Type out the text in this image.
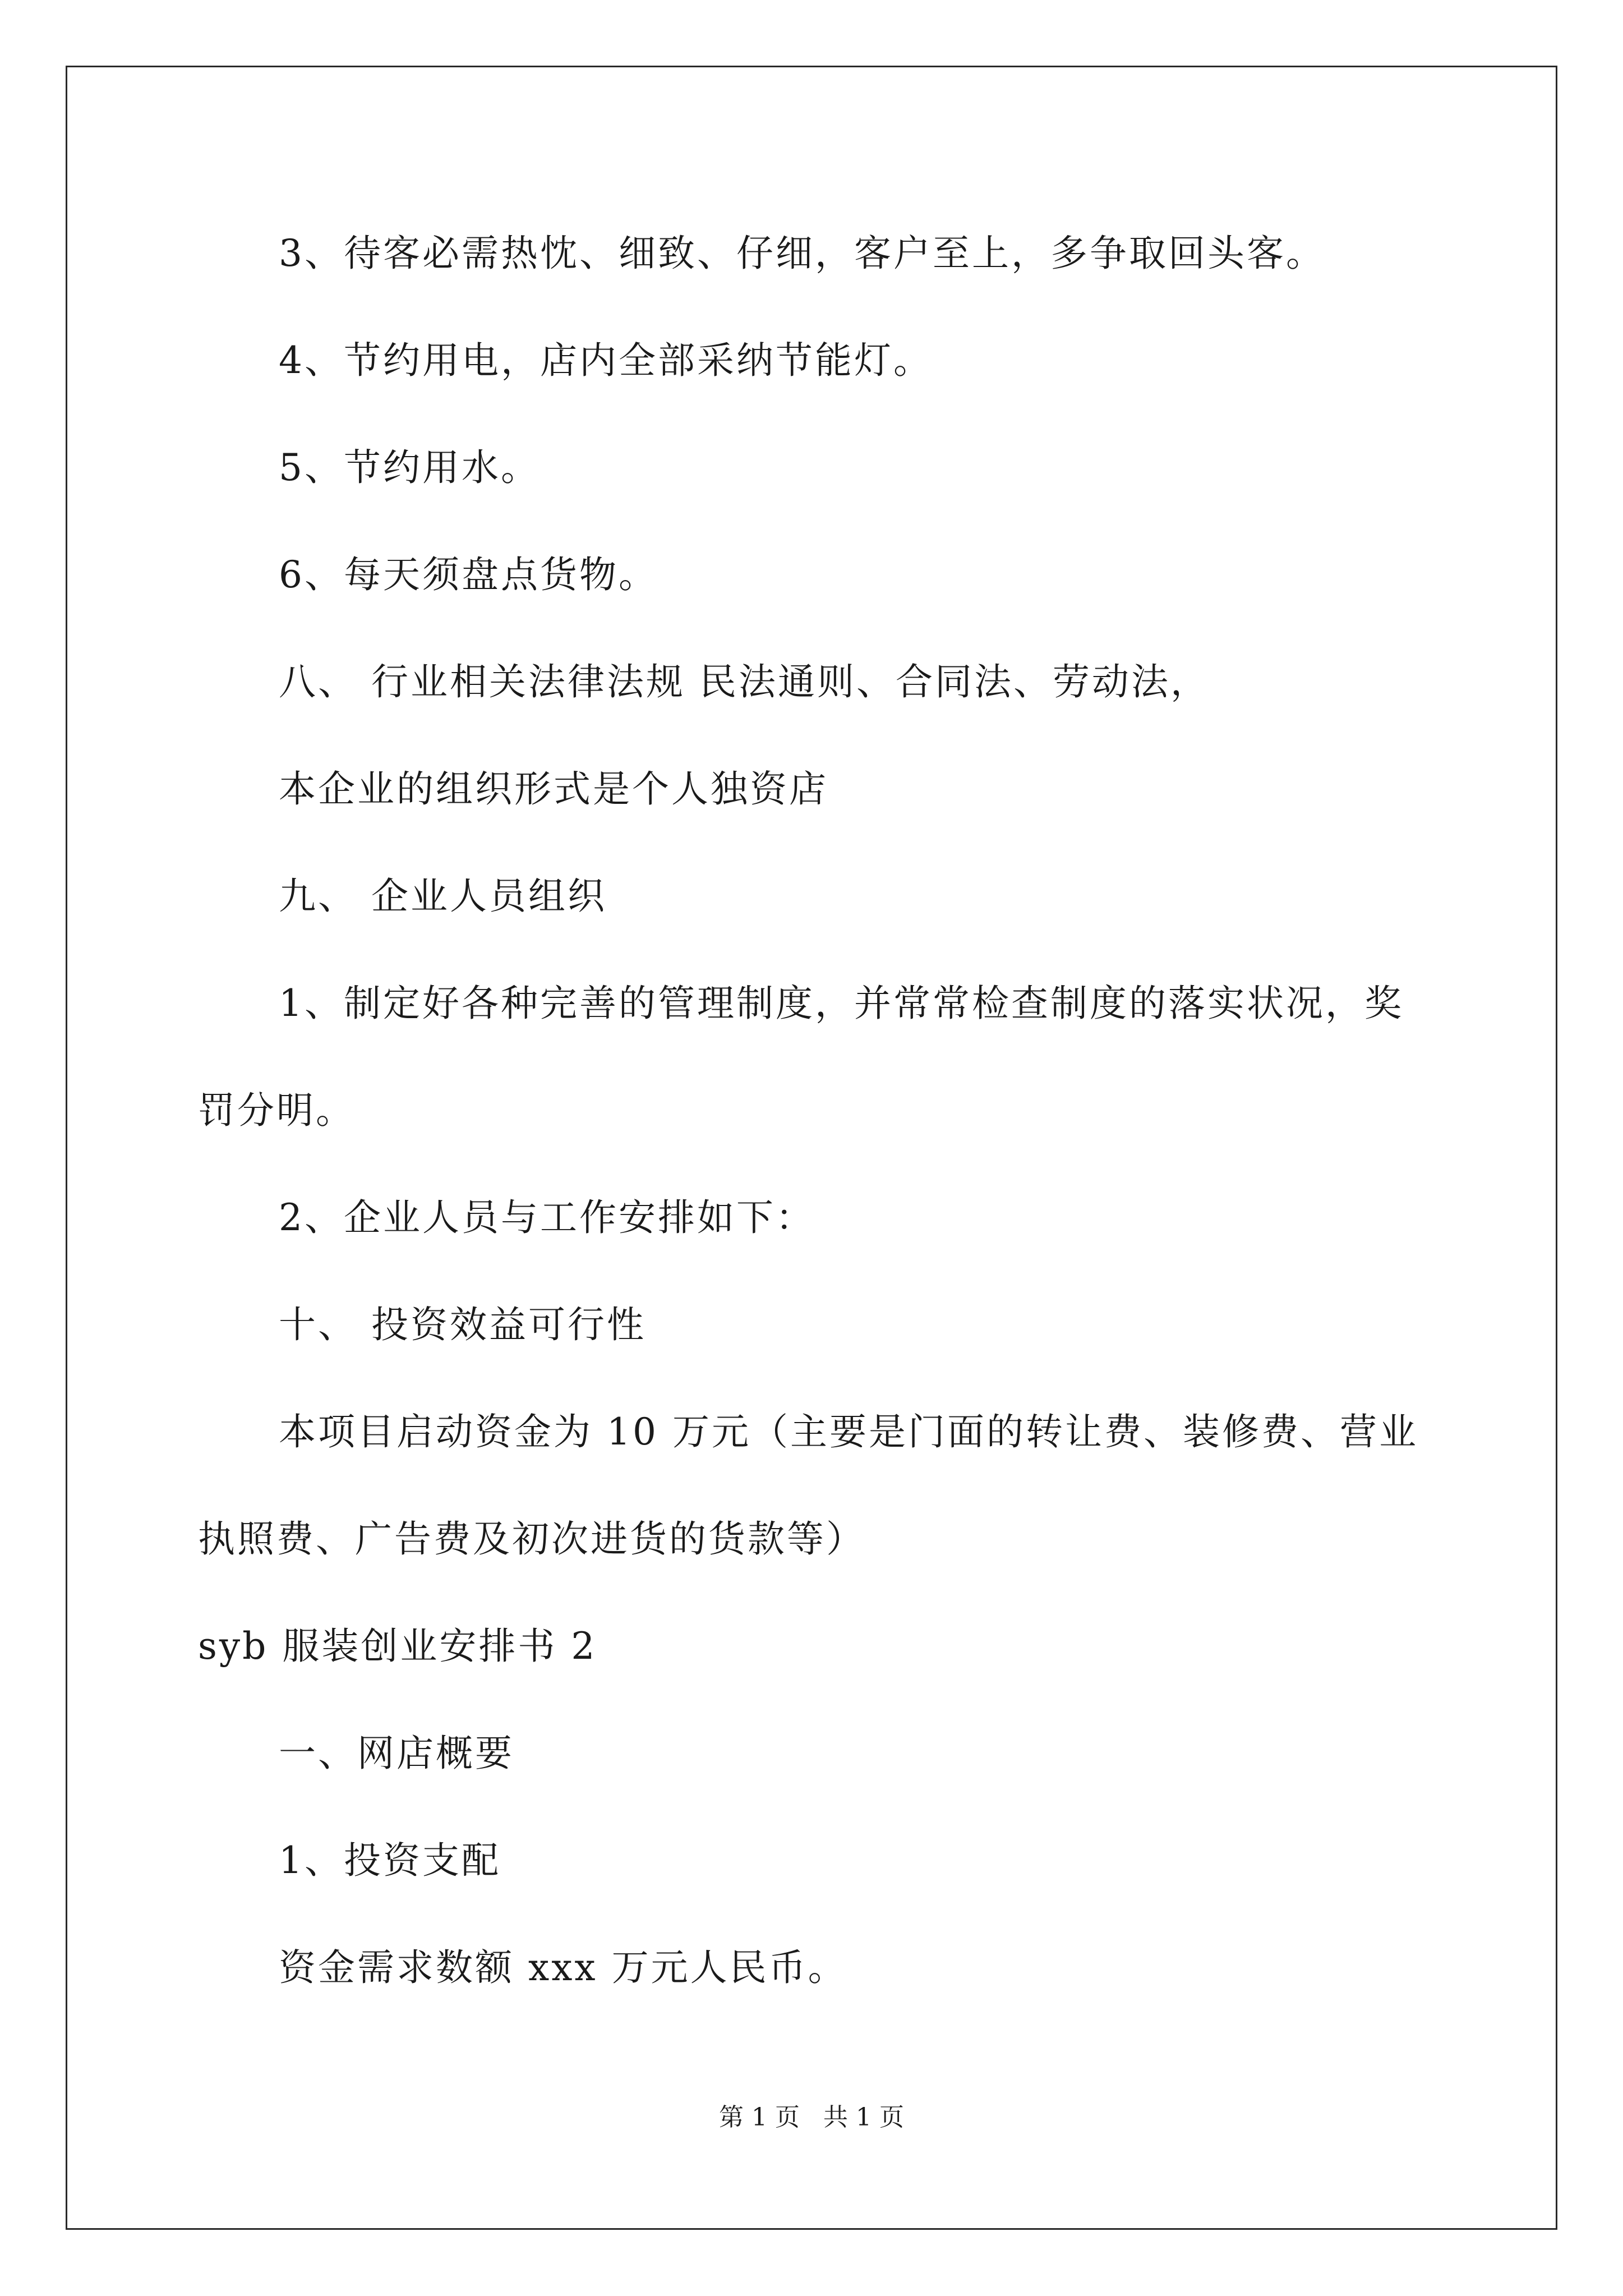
3、待客必需热忱、细致、仔细，客户至上，多争取回头客。
4、节约用电，店内全部采纳节能灯。
5、节约用水。
6、每天须盘点货物。
八、 行业相关法律法规 民法通则、合同法、劳动法，
本企业的组织形式是个人独资店
九、 企业人员组织
1、制定好各种完善的管理制度，并常常检查制度的落实状况，奖
罚分明。
2、企业人员与工作安排如下：
十、 投资效益可行性
本项目启动资金为 10 万元（主要是门面的转让费、装修费、营业
执照费、广告费及初次进货的货款等）
syb 服装创业安排书 2
一、网店概要
1、投资支配
资金需求数额 xxx 万元人民币。
第 1 页   共 1 页
